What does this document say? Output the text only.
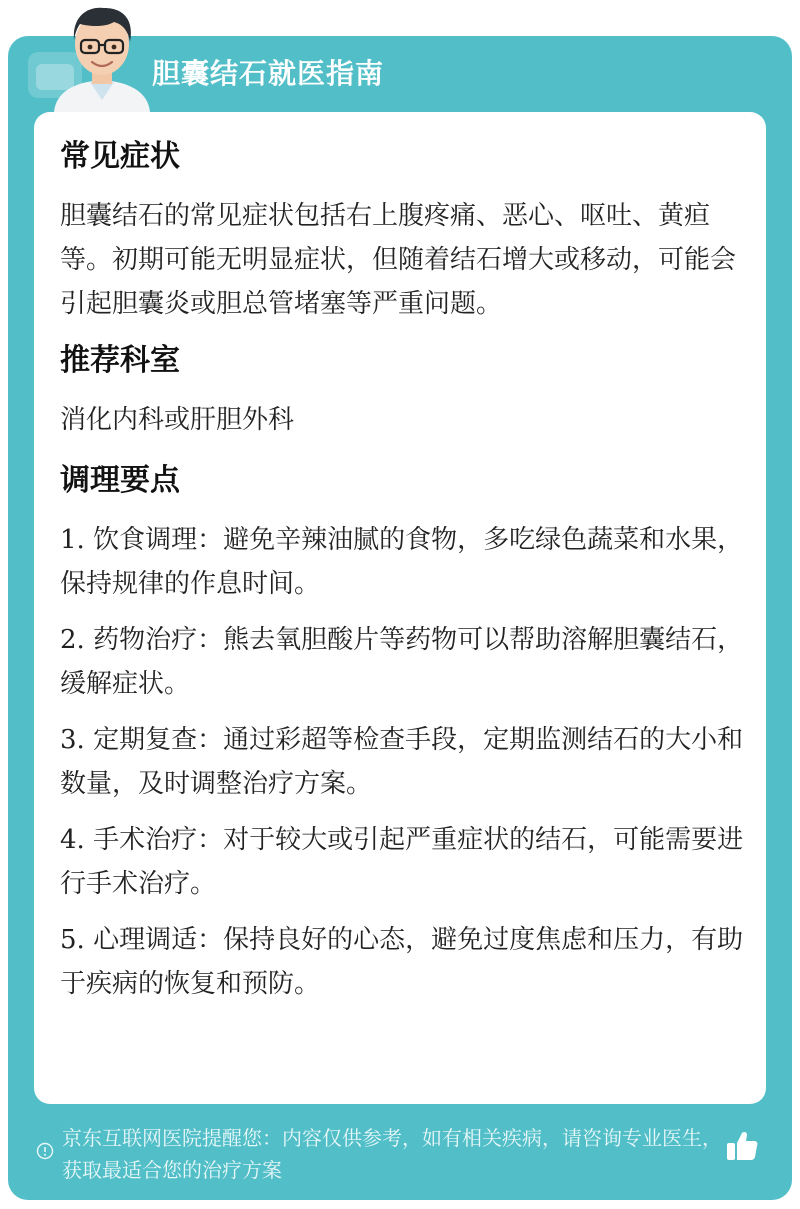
胆囊结石就医指南
常见症状

胆囊结石的常见症状包括右上腹疼痛、恶心、呕吐、黄疸等。初期可能无明显症状，但随着结石增大或移动，可能会引起胆囊炎或胆总管堵塞等严重问题。

推荐科室

消化内科或肝胆外科

调理要点

1. 饮食调理：避免辛辣油腻的食物，多吃绿色蔬菜和水果，保持规律的作息时间。

2. 药物治疗：熊去氧胆酸片等药物可以帮助溶解胆囊结石，缓解症状。

3. 定期复查：通过彩超等检查手段，定期监测结石的大小和数量，及时调整治疗方案。

4. 手术治疗：对于较大或引起严重症状的结石，可能需要进行手术治疗。

5. 心理调适：保持良好的心态，避免过度焦虑和压力，有助于疾病的恢复和预防。

京东互联网医院提醒您：内容仅供参考，如有相关疾病，请咨询专业医生，获取最适合您的治疗方案
